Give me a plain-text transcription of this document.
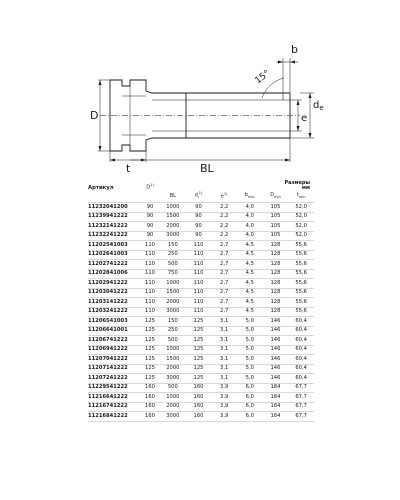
D
t	BL
b
15°
e
$d_e$
Артикул	$D^{1)}$	Размеры
мм					

		BL	$d_i^{1)}$	$e^{1)}$	$b_{min}$	$D_{min}$	$t_{min}$
11232041200	90	1000	90	2,2	4,0	105	52,0
11239941222	90	1500	90	2,2	4,0	105	52,0
11232141222	90	2000	90	2,2	4,0	105	52,0
11232241222	90	3000	90	2,2	4,0	105	52,0
11202541003	110	150	110	2,7	4,5	128	55,6
11202641003	110	250	110	2,7	4,5	128	55,6
11202741222	110	500	110	2,7	4,5	128	55,6
11202841006	110	750	110	2,7	4,5	128	55,6
11202941222	110	1000	110	2,7	4,5	128	55,6
11203041222	110	1500	110	2,7	4,5	128	55,6
11203141222	110	2000	110	2,7	4,5	128	55,6
11203241222	110	3000	110	2,7	4,5	128	55,6
11206541003	125	150	125	3,1	5,0	146	60,4
11206641001	125	250	125	3,1	5,0	146	60,4
11206741222	125	500	125	3,1	5,0	146	60,4
11206941222	125	1000	125	3,1	5,0	146	60,4
11207041222	125	1500	125	3,1	5,0	146	60,4
11207141222	125	2000	125	3,1	5,0	146	60,4
11207241222	125	3000	125	3,1	5,0	146	60,4
11229541222	160	500	160	3,9	6,0	184	67,7
11216641222	160	1000	160	3,9	6,0	184	67,7
11216741222	160	2000	160	3,9	6,0	184	67,7
11216841222	160	3000	160	3,9	6,0	184	67,7
